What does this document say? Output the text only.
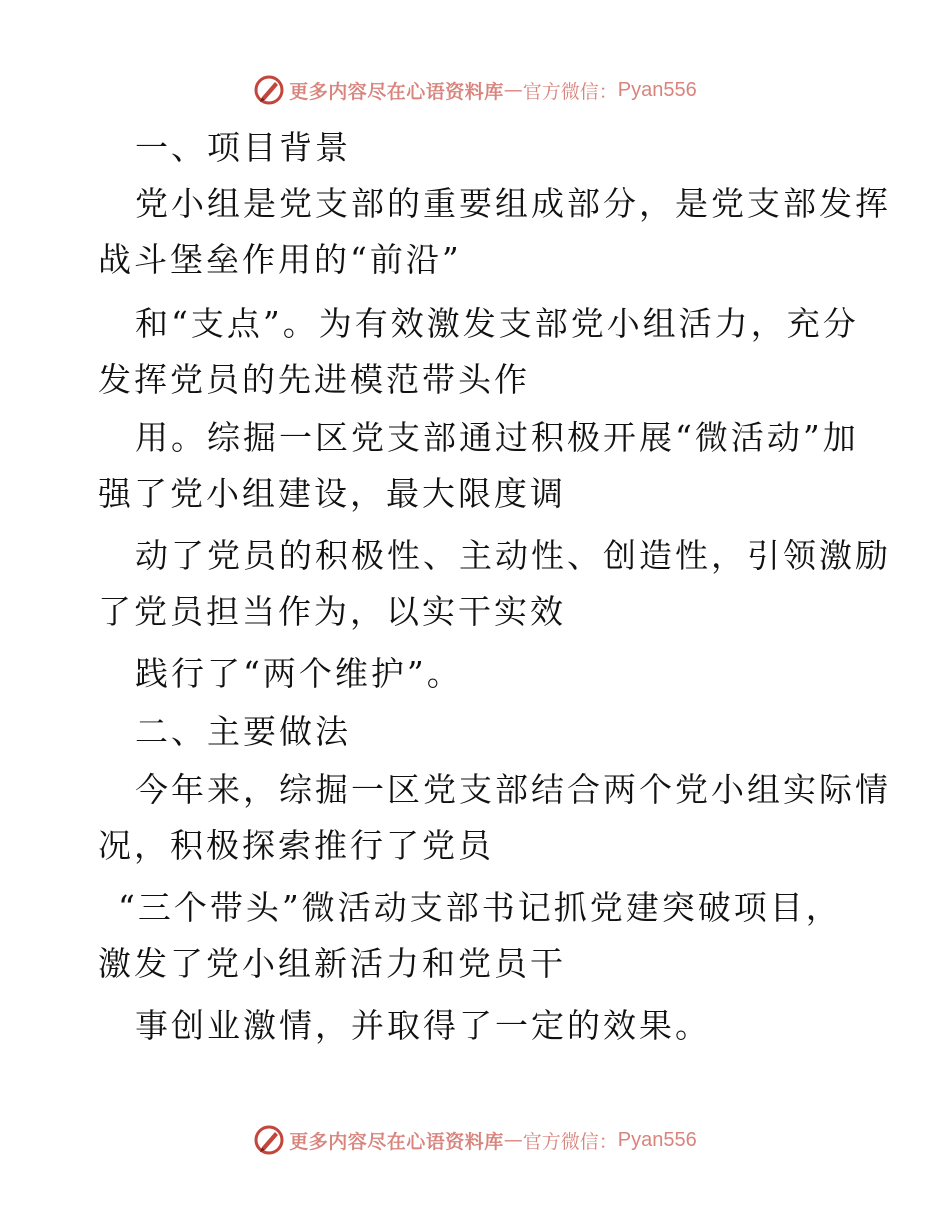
更多内容尽在心语资料库 — 官方微信： Pyan556
一、项目背景
党小组是党支部的重要组成部分，是党支部发挥
战斗堡垒作用的“前沿”
和“支点”。为有效激发支部党小组活力，充分
发挥党员的先进模范带头作
用。综掘一区党支部通过积极开展“微活动”加
强了党小组建设，最大限度调
动了党员的积极性、主动性、创造性，引领激励
了党员担当作为，以实干实效
践行了“两个维护”。
二、主要做法
今年来，综掘一区党支部结合两个党小组实际情
况，积极探索推行了党员
“三个带头”微活动支部书记抓党建突破项目，
激发了党小组新活力和党员干
事创业激情，并取得了一定的效果。
更多内容尽在心语资料库 — 官方微信： Pyan556
